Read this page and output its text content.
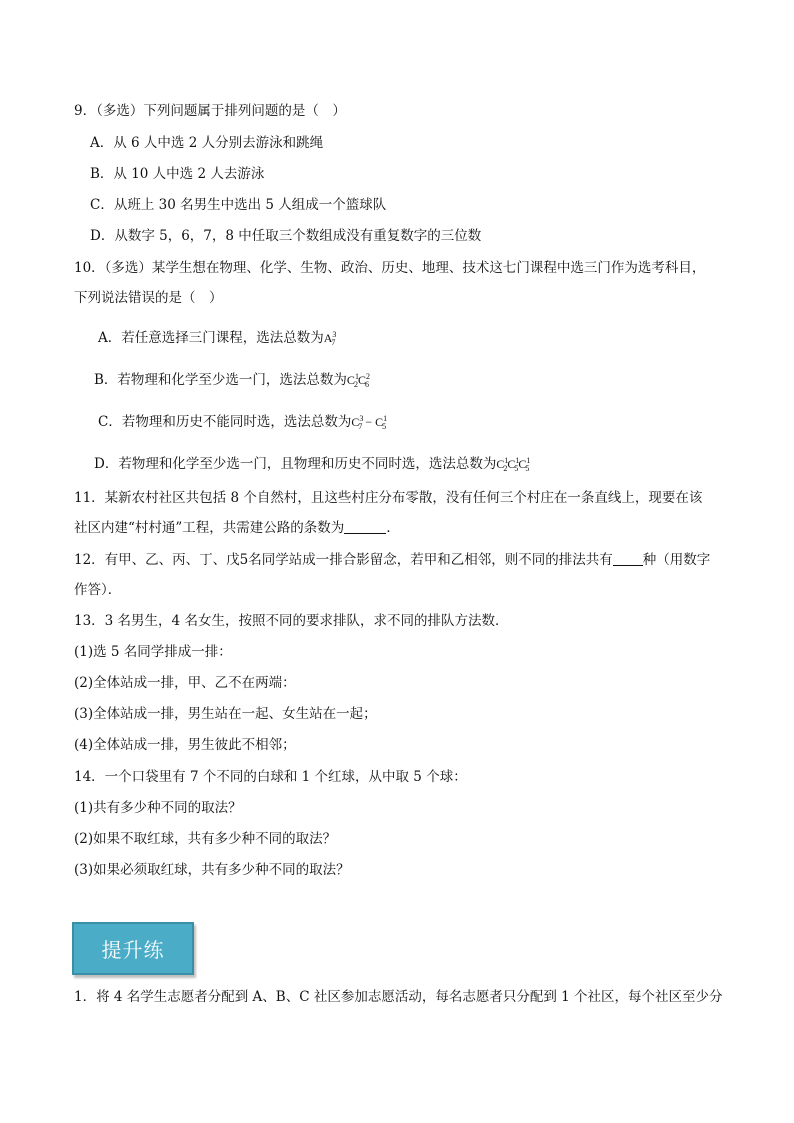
9．（多选）下列问题属于排列问题的是（　）
A．从 6 人中选 2 人分别去游泳和跳绳
B．从 10 人中选 2 人去游泳
C．从班上 30 名男生中选出 5 人组成一个篮球队
D．从数字 5，6，7，8 中任取三个数组成没有重复数字的三位数
10．（多选）某学生想在物理、化学、生物、政治、历史、地理、技术这七门课程中选三门作为选考科目，
下列说法错误的是（　）
A．若任意选择三门课程，选法总数为$A^3_7$
B．若物理和化学至少选一门，选法总数为$C^1_2C^2_6$
C．若物理和历史不能同时选，选法总数为$C^3_7 - C^1_5$
D．若物理和化学至少选一门，且物理和历史不同时选，选法总数为$C^1_2C^1_5C^1_5$
11．某新农村社区共包括 8 个自然村，且这些村庄分布零散，没有任何三个村庄在一条直线上，现要在该
社区内建“村村通”工程，共需建公路的条数为	．
12．有甲、乙、丙、丁、戊5名同学站成一排合影留念，若甲和乙相邻，则不同的排法共有 种（用数字
作答）．
13．3 名男生，4 名女生，按照不同的要求排队，求不同的排队方法数．
(1)选 5 名同学排成一排：
(2)全体站成一排，甲、乙不在两端：
(3)全体站成一排，男生站在一起、女生站在一起；
(4)全体站成一排，男生彼此不相邻；
14．一个口袋里有 7 个不同的白球和 1 个红球，从中取 5 个球：
(1)共有多少种不同的取法？
(2)如果不取红球，共有多少种不同的取法？
(3)如果必须取红球，共有多少种不同的取法？
提升练
1．将 4 名学生志愿者分配到 A、B、C 社区参加志愿活动，每名志愿者只分配到 1 个社区，每个社区至少分
